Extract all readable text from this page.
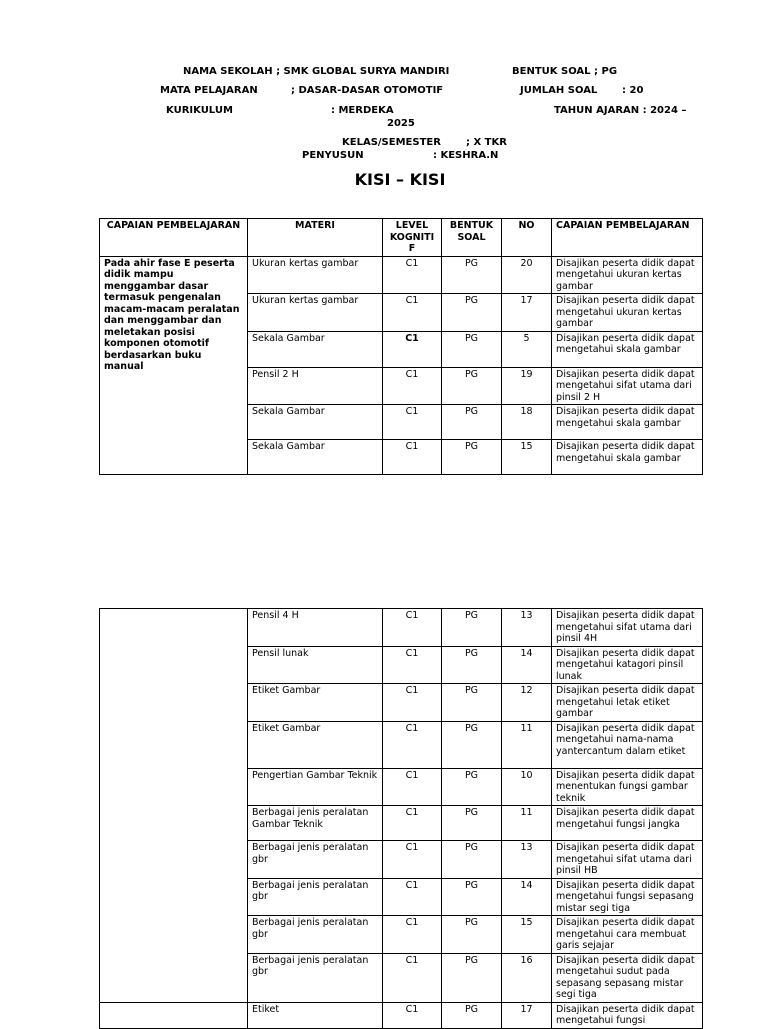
NAMA SEKOLAH ; SMK GLOBAL SURYA MANDIRI	BENTUK SOAL ; PG
MATA PELAJARAN	; DASAR-DASAR OTOMOTIF	JUMLAH SOAL : 20
KURIKULUM	: MERDEKA	TAHUN AJARAN : 2024 –
2025
KELAS/SEMESTER	; X TKR
PENYUSUN	: KESHRA.N
KISI – KISI
CAPAIAN PEMBELAJARAN	MATERI	LEVEL KOGNITI F	BENTUK SOAL	NO	CAPAIAN PEMBELAJARAN
Pada ahir fase E peserta didik mampu menggambar dasar termasuk pengenalan macam-macam peralatan dan menggambar dan meletakan posisi komponen otomotif berdasarkan buku manual	Ukuran kertas gambar	C1	PG	20	Disajikan peserta didik dapat mengetahui ukuran kertas gambar
	Ukuran kertas gambar	C1	PG	17	Disajikan peserta didik dapat mengetahui ukuran kertas gambar
	Sekala Gambar	C1	PG	5	Disajikan peserta didik dapat mengetahui skala gambar
	Pensil 2 H	C1	PG	19	Disajikan peserta didik dapat mengetahui sifat utama dari pinsil 2 H
	Sekala Gambar	C1	PG	18	Disajikan peserta didik dapat mengetahui skala gambar
	Sekala Gambar	C1	PG	15	Disajikan peserta didik dapat mengetahui skala gambar
	Pensil 4 H	C1	PG	13	Disajikan peserta didik dapat mengetahui sifat utama dari pinsil 4H
	Pensil lunak	C1	PG	14	Disajikan peserta didik dapat mengetahui katagori pinsil lunak
	Etiket Gambar	C1	PG	12	Disajikan peserta didik dapat mengetahui letak etiket gambar
	Etiket Gambar	C1	PG	11	Disajikan peserta didik dapat mengetahui nama-nama yantercantum dalam etiket
	Pengertian Gambar Teknik	C1	PG	10	Disajikan peserta didik dapat menentukan fungsi gambar teknik
	Berbagai jenis peralatan Gambar Teknik	C1	PG	11	Disajikan peserta didik dapat mengetahui fungsi jangka
	Berbagai jenis peralatan gbr	C1	PG	13	Disajikan peserta didik dapat mengetahui sifat utama dari pinsil HB
	Berbagai jenis peralatan gbr	C1	PG	14	Disajikan peserta didik dapat mengetahui fungsi sepasang mistar segi tiga
	Berbagai jenis peralatan gbr	C1	PG	15	Disajikan peserta didik dapat mengetahui cara membuat garis sejajar
	Berbagai jenis peralatan gbr	C1	PG	16	Disajikan peserta didik dapat mengetahui sudut pada sepasang sepasang mistar segi tiga
	Etiket	C1	PG	17	Disajikan peserta didik dapat mengetahui fungsi
